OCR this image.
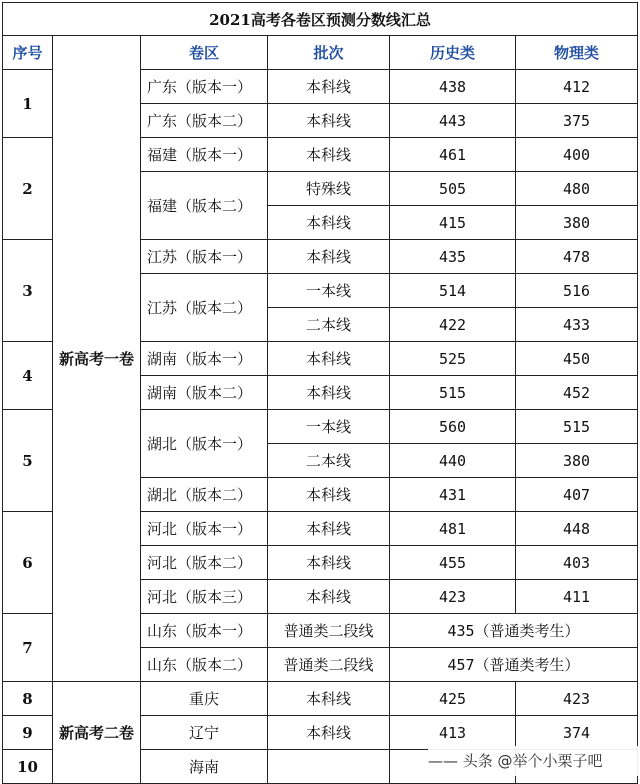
2021高考各卷区预测分数线汇总					
序号	新高考一卷	卷区	批次	历史类	物理类
1		广东（版本一）	本科线	438	412
		广东（版本二）	本科线	443	375
2		福建（版本一）	本科线	461	400
		福建（版本二）	特殊线	505	480
			本科线	415	380
3		江苏（版本一）	本科线	435	478
		江苏（版本二）	一本线	514	516
			二本线	422	433
4		湖南（版本一）	本科线	525	450
		湖南（版本二）	本科线	515	452
5		湖北（版本一）	一本线	560	515
			二本线	440	380
		湖北（版本二）	本科线	431	407
6		河北（版本一）	本科线	481	448
		河北（版本二）	本科线	455	403
		河北（版本三）	本科线	423	411
7		山东（版本一）	普通类二段线	435（普通类考生）	
		山东（版本二）	普通类二段线	457（普通类考生）	
8	新高考二卷	重庆	本科线	425	423
9		辽宁	本科线	413	374
10		海南				—— 头条 @举个小栗子吧
